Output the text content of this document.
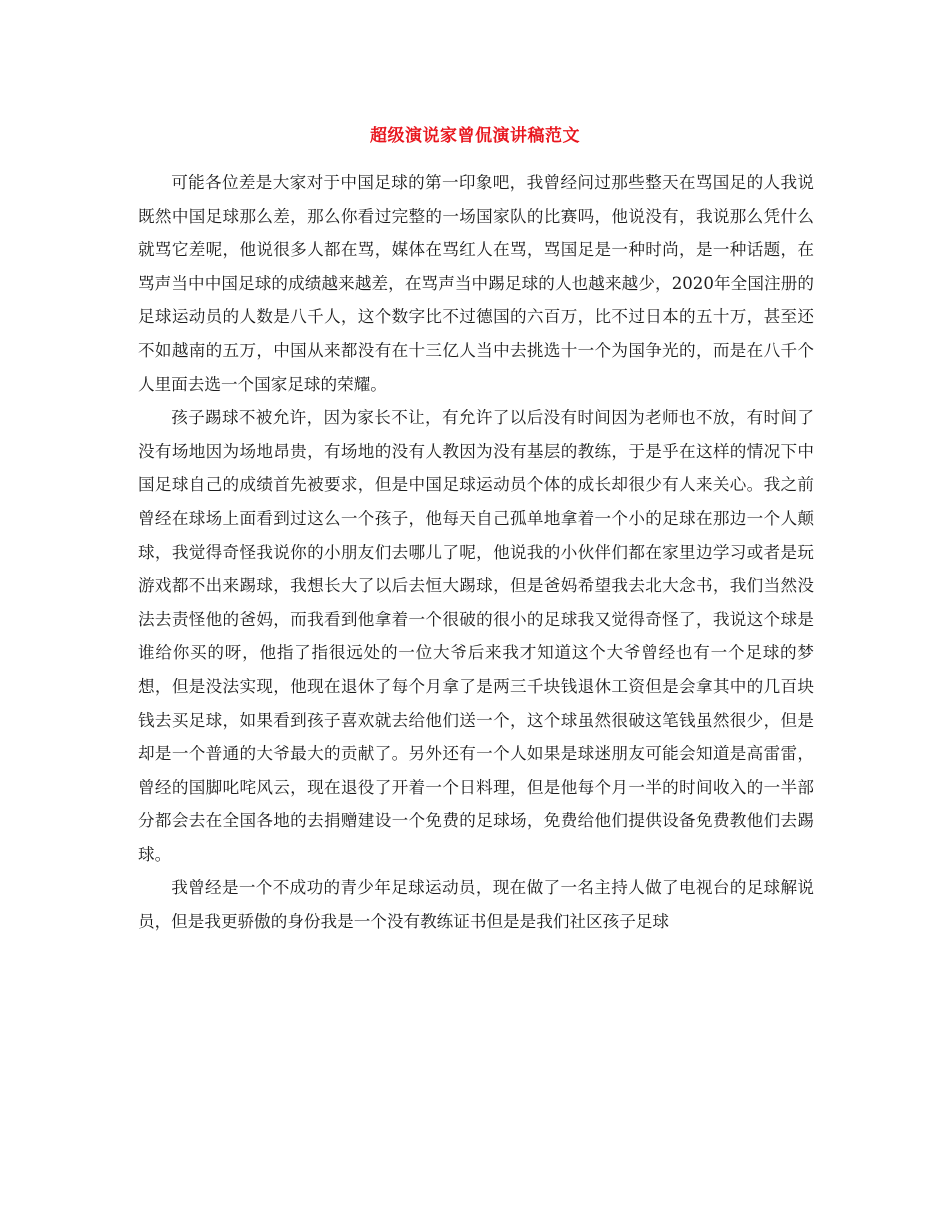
超级演说家曾侃演讲稿范文

可能各位差是大家对于中国足球的第一印象吧，我曾经问过那些整天在骂国足的人我说既然中国足球那么差，那么你看过完整的一场国家队的比赛吗，他说没有，我说那么凭什么就骂它差呢，他说很多人都在骂，媒体在骂红人在骂，骂国足是一种时尚，是一种话题，在骂声当中中国足球的成绩越来越差，在骂声当中踢足球的人也越来越少，2020年全国注册的足球运动员的人数是八千人，这个数字比不过德国的六百万，比不过日本的五十万，甚至还不如越南的五万，中国从来都没有在十三亿人当中去挑选十一个为国争光的，而是在八千个人里面去选一个国家足球的荣耀。

孩子踢球不被允许，因为家长不让，有允许了以后没有时间因为老师也不放，有时间了没有场地因为场地昂贵，有场地的没有人教因为没有基层的教练，于是乎在这样的情况下中国足球自己的成绩首先被要求，但是中国足球运动员个体的成长却很少有人来关心。我之前曾经在球场上面看到过这么一个孩子，他每天自己孤单地拿着一个小的足球在那边一个人颠球，我觉得奇怪我说你的小朋友们去哪儿了呢，他说我的小伙伴们都在家里边学习或者是玩游戏都不出来踢球，我想长大了以后去恒大踢球，但是爸妈希望我去北大念书，我们当然没法去责怪他的爸妈，而我看到他拿着一个很破的很小的足球我又觉得奇怪了，我说这个球是谁给你买的呀，他指了指很远处的一位大爷后来我才知道这个大爷曾经也有一个足球的梦想，但是没法实现，他现在退休了每个月拿了是两三千块钱退休工资但是会拿其中的几百块钱去买足球，如果看到孩子喜欢就去给他们送一个，这个球虽然很破这笔钱虽然很少，但是却是一个普通的大爷最大的贡献了。另外还有一个人如果是球迷朋友可能会知道是高雷雷，曾经的国脚叱咤风云，现在退役了开着一个日料理，但是他每个月一半的时间收入的一半部分都会去在全国各地的去捐赠建设一个免费的足球场，免费给他们提供设备免费教他们去踢球。

我曾经是一个不成功的青少年足球运动员，现在做了一名主持人做了电视台的足球解说员，但是我更骄傲的身份我是一个没有教练证书但是是我们社区孩子足球
